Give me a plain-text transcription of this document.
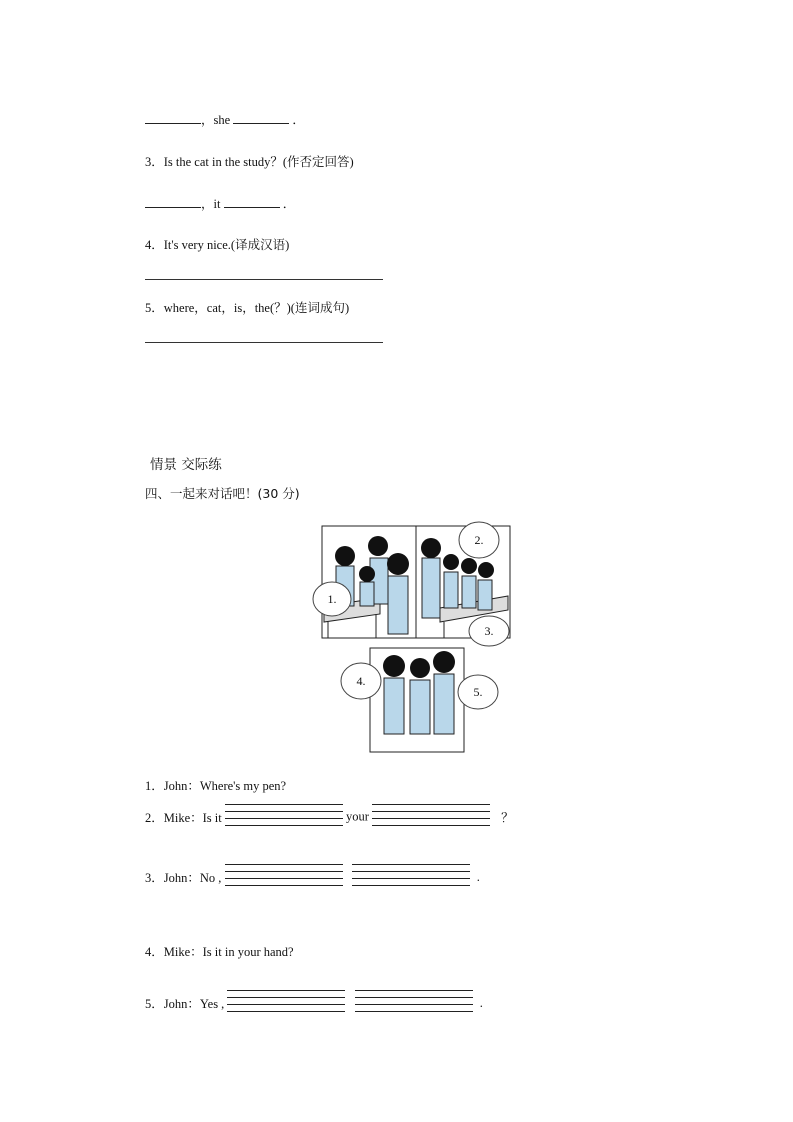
，she	．
3．Is the cat in the study？(作否定回答)
，it	．
4．It's very nice.(译成汉语)
5．where，cat，is，the(？)(连词成句)
情景 交际练
四、一起来对话吧！(30 分)
1.
2.
3.
4.
5.
1．John：Where's my pen?
2．Mike：Is it	your	？
3．John：No ,
	.
4．Mike：Is it in your hand?
5．John：Yes ,
	.
